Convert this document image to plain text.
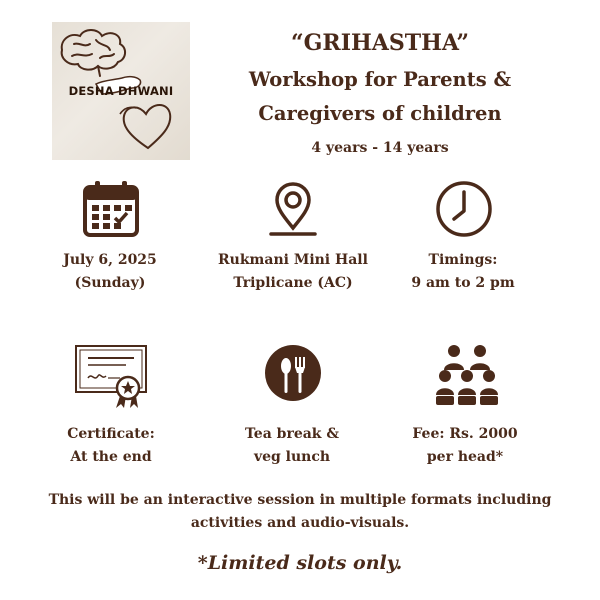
DESHA DHWANI
“GRIHASTHA”
Workshop for Parents &
Caregivers of children
4 years - 14 years
July 6, 2025
(Sunday)
Rukmani Mini Hall
Triplicane (AC)
Timings:
9 am to 2 pm
Certificate:
At the end
Tea break &
veg lunch
Fee: Rs. 2000
per head*
This will be an interactive session in multiple formats including
activities and audio-visuals.
*Limited slots only.
